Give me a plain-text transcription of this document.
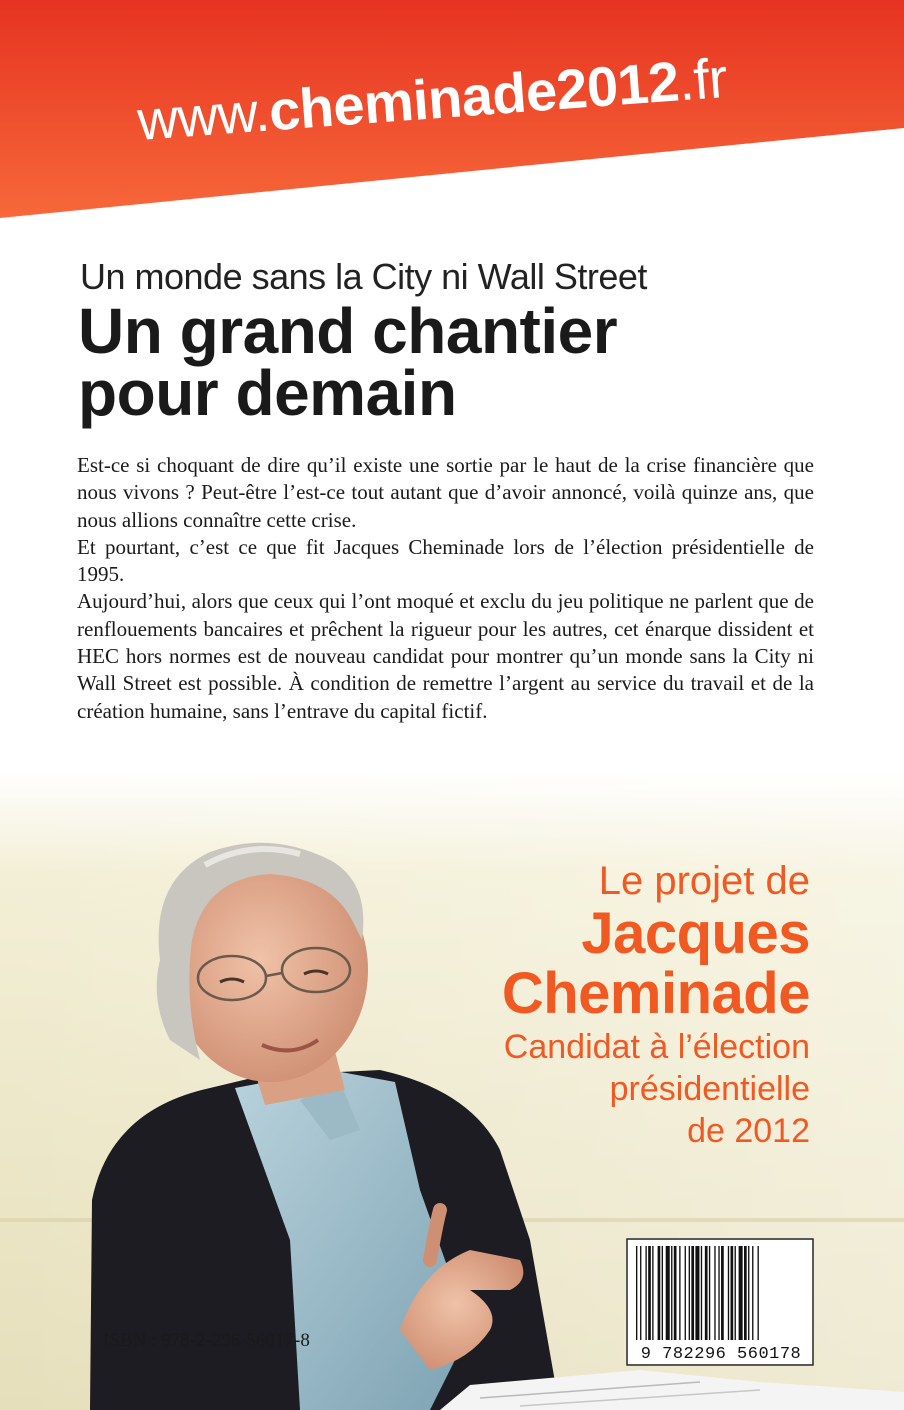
www.cheminade2012.fr
Un monde sans la City ni Wall Street
Un grand chantier
pour demain

Est-ce si choquant de dire qu’il existe une sortie par le haut de la crise financière que nous vivons ? Peut-être l’est-ce tout autant que d’avoir annoncé, voilà quinze ans, que nous allions connaître cette crise.

Et pourtant, c’est ce que fit Jacques Cheminade lors de l’élection présidentielle de 1995.

Aujourd’hui, alors que ceux qui l’ont moqué et exclu du jeu politique ne parlent que de renflouements bancaires et prêchent la rigueur pour les autres, cet énarque dissident et HEC hors normes est de nouveau candidat pour montrer qu’un monde sans la City ni Wall Street est possible. À condition de remettre l’argent au service du travail et de la création humaine, sans l’entrave du capital fictif.

Le projet de
Jacques
Cheminade
Candidat à l’élection
présidentielle
de 2012
ISBN : 978-2-296-56017-8
9 782296 560178
